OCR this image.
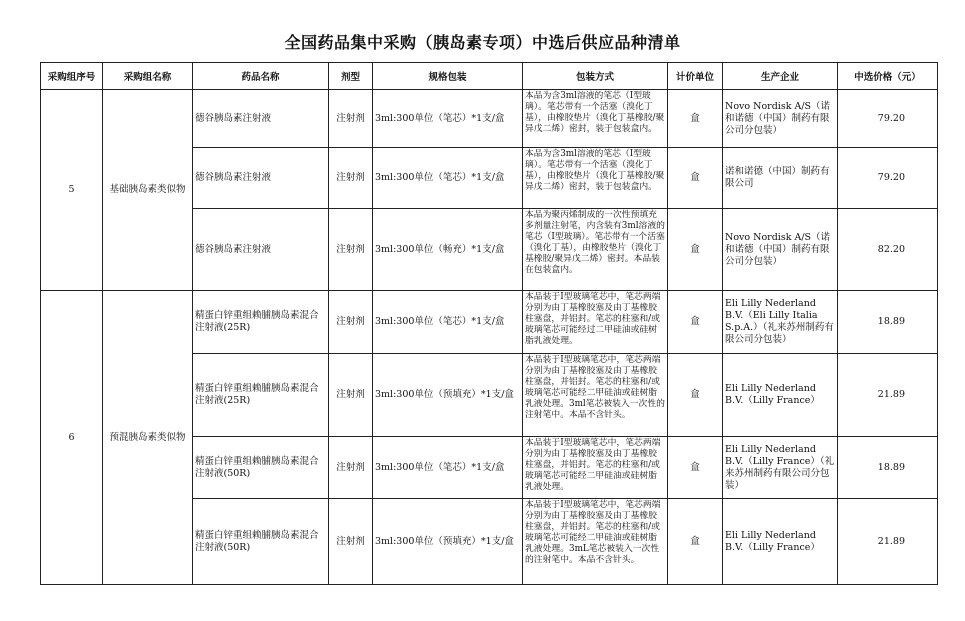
全国药品集中采购（胰岛素专项）中选后供应品种清单
采购组序号	采购组名称	药品名称	剂型	规格包装	包装方式	计价单位	生产企业	中选价格（元）
5	基础胰岛素类似物	德谷胰岛素注射液	注射剂	3ml:300单位（笔芯）*1支/盒	本品为含3ml溶液的笔芯（I型玻璃）。笔芯带有一个活塞（溴化丁基），由橡胶垫片（溴化丁基橡胶/聚异戊二烯）密封，装于包装盒内。	盒	Novo Nordisk A/S（诺和诺德（中国）制药有限公司分包装）	79.20
		德谷胰岛素注射液	注射剂	3ml:300单位（笔芯）*1支/盒	本品为含3ml溶液的笔芯（I型玻璃）。笔芯带有一个活塞（溴化丁基），由橡胶垫片（溴化丁基橡胶/聚异戊二烯）密封，装于包装盒内。	盒	诺和诺德（中国）制药有限公司	79.20
		德谷胰岛素注射液	注射剂	3ml:300单位（畅充）*1支/盒	本品为聚丙烯制成的一次性预填充多剂量注射笔，内含装有3ml溶液的笔芯（I型玻璃）。笔芯带有一个活塞（溴化丁基），由橡胶垫片（溴化丁基橡胶/聚异戊二烯）密封。本品装在包装盒内。	盒	Novo Nordisk A/S（诺和诺德（中国）制药有限公司分包装）	82.20
6	预混胰岛素类似物	精蛋白锌重组赖脯胰岛素混合注射液(25R)	注射剂	3ml:300单位（笔芯）*1支/盒	本品装于I型玻璃笔芯中，笔芯两端分别为由丁基橡胶塞及由丁基橡胶柱塞盘，并铝封。笔芯的柱塞和/或玻璃笔芯可能经过二甲硅油或硅树脂乳液处理。	盒	Eli Lilly Nederland B.V.（Eli Lilly Italia S.p.A.）（礼来苏州制药有限公司分包装）	18.89
		精蛋白锌重组赖脯胰岛素混合注射液(25R)	注射剂	3ml:300单位（预填充）*1支/盒	本品装于I型玻璃笔芯中，笔芯两端分别为由丁基橡胶塞及由丁基橡胶柱塞盘，并铝封。笔芯的柱塞和/或玻璃笔芯可能经二甲硅油或硅树脂乳液处理。3ml笔芯被装入一次性的注射笔中。本品不含针头。	盒	Eli Lilly Nederland B.V.（Lilly France）	21.89
		精蛋白锌重组赖脯胰岛素混合注射液(50R)	注射剂	3ml:300单位（笔芯）*1支/盒	本品装于I型玻璃笔芯中，笔芯两端分别为由丁基橡胶塞及由丁基橡胶柱塞盘，并铝封。笔芯的柱塞和/或玻璃笔芯可能经二甲硅油或硅树脂乳液处理。	盒	Eli Lilly Nederland B.V.（Lilly France）（礼来苏州制药有限公司分包装）	18.89
		精蛋白锌重组赖脯胰岛素混合注射液(50R)	注射剂	3ml:300单位（预填充）*1支/盒	本品装于I型玻璃笔芯中，笔芯两端分别为由丁基橡胶塞及由丁基橡胶柱塞盘，并铝封。笔芯的柱塞和/或玻璃笔芯可能经二甲硅油或硅树脂乳液处理。3mL笔芯被装入一次性的注射笔中。本品不含针头。	盒	Eli Lilly Nederland B.V.（Lilly France）	21.89
